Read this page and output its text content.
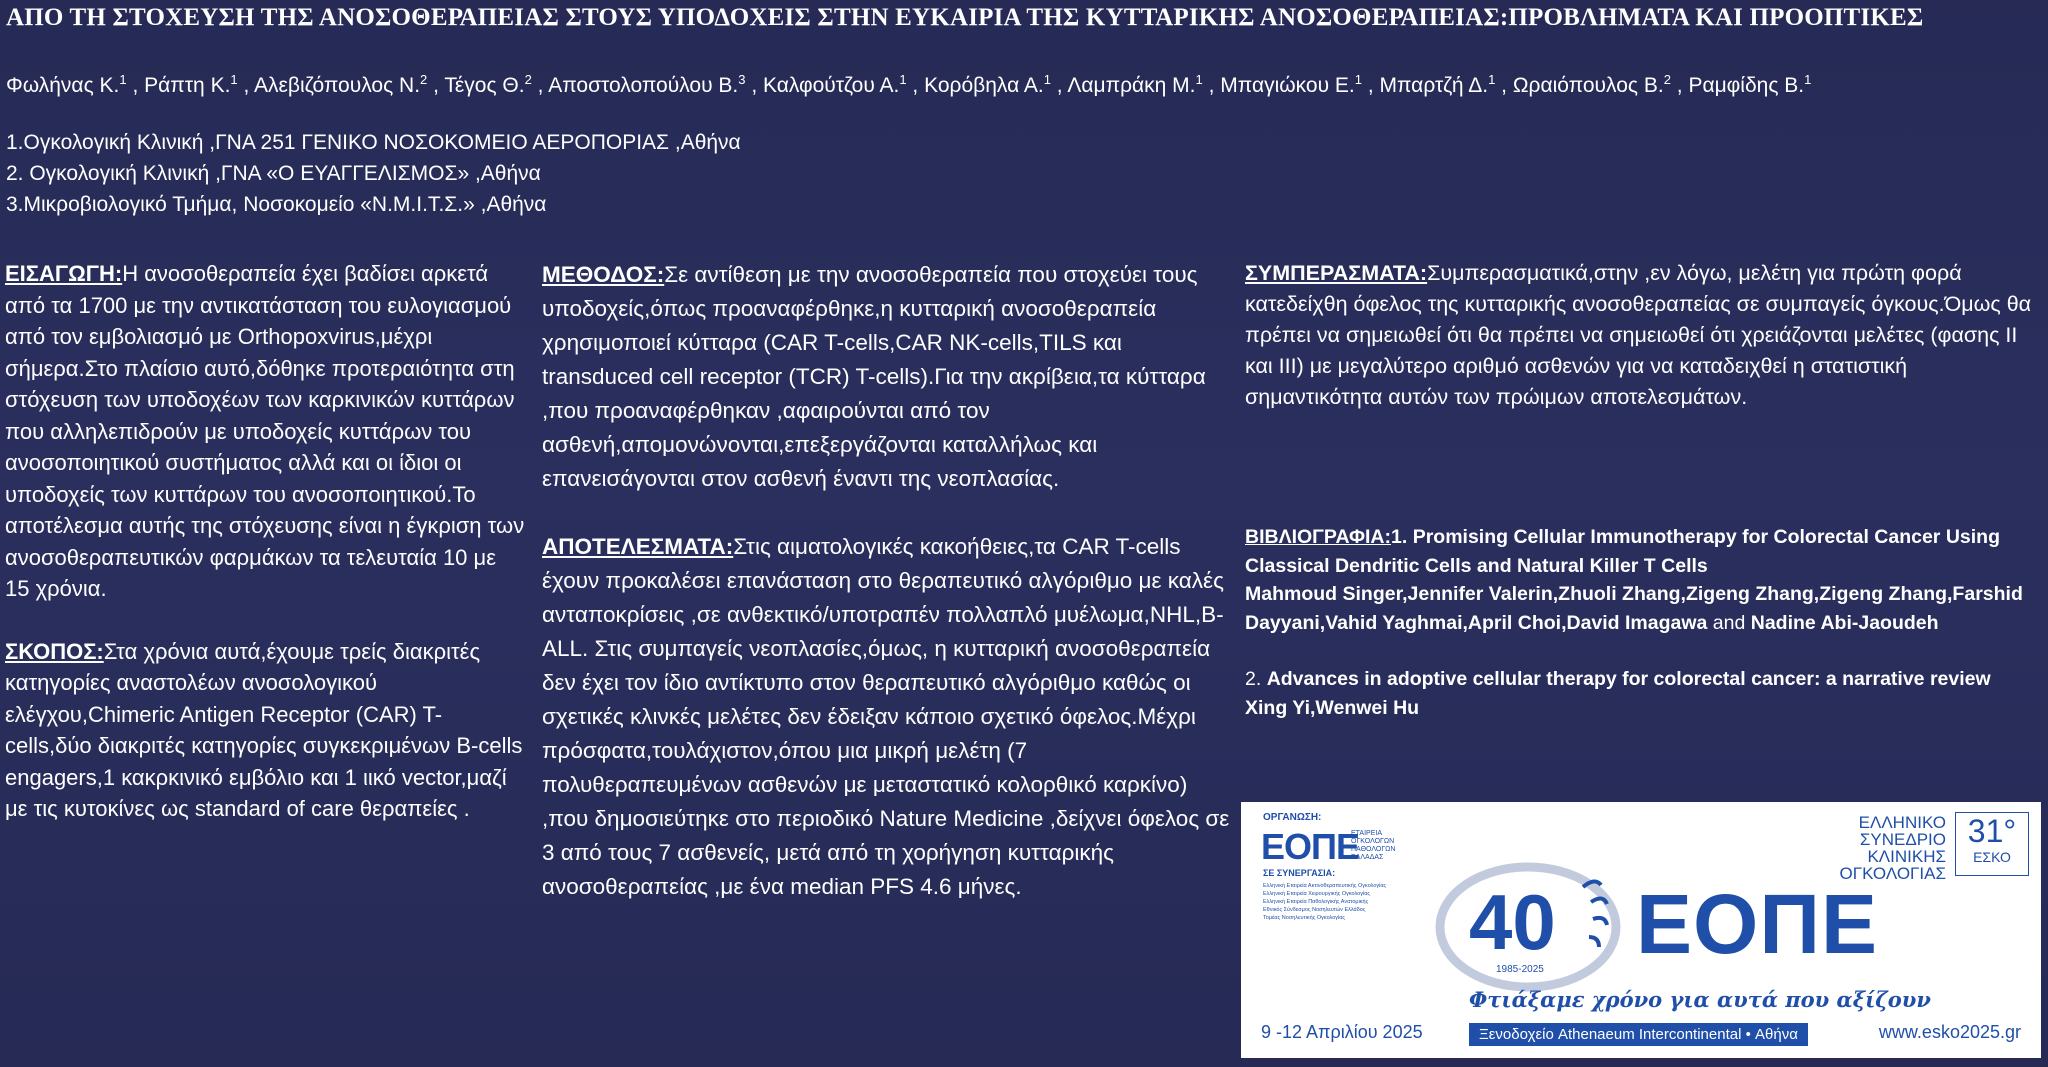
ΑΠΟ ΤΗ ΣΤΟΧΕΥΣΗ ΤΗΣ ΑΝΟΣΟΘΕΡΑΠΕΙΑΣ ΣΤΟΥΣ ΥΠΟΔΟΧΕΙΣ ΣΤΗΝ ΕΥΚΑΙΡΙΑ ΤΗΣ ΚΥΤΤΑΡΙΚΗΣ ΑΝΟΣΟΘΕΡΑΠΕΙΑΣ:ΠΡΟΒΛΗΜΑΤΑ ΚΑΙ ΠΡΟΟΠΤΙΚΕΣ
Φωλήνας Κ.$^1$ , Ράπτη Κ.$^1$ , Αλεβιζόπουλος Ν.$^2$ , Τέγος Θ.$^2$ , Αποστολοπούλου Β.$^3$ , Καλφούτζου Α.$^1$ , Κορόβηλα Α.$^1$ , Λαμπράκη Μ.$^1$ , Μπαγιώκου Ε.$^1$ , Μπαρτζή Δ.$^1$ , Ωραιόπουλος Β.$^2$ , Ραμφίδης Β.$^1$
1.Ογκολογική Κλινική ,ΓΝΑ 251 ΓΕΝΙΚΟ ΝΟΣΟΚΟΜΕΙΟ ΑΕΡΟΠΟΡΙΑΣ ,Αθήνα
2. Ογκολογική Κλινική ,ΓΝΑ «Ο ΕΥΑΓΓΕΛΙΣΜΟΣ» ,Αθήνα
3.Μικροβιολογικό Τμήμα, Νοσοκομείο «Ν.Μ.Ι.Τ.Σ.» ,Αθήνα

ΕΙΣΑΓΩΓΗ:Η ανοσοθεραπεία έχει βαδίσει αρκετά από τα 1700 με την αντικατάσταση του ευλογιασμού από τον εμβολιασμό με Orthopoxvirus,μέχρι σήμερα.Στο πλαίσιο αυτό,δόθηκε προτεραιότητα στη στόχευση των υποδοχέων των καρκινικών κυττάρων που αλληλεπιδρούν με υποδοχείς κυττάρων του ανοσοποιητικού συστήματος αλλά και οι ίδιοι οι υποδοχείς των κυττάρων του ανοσοποιητικού.Το αποτέλεσμα αυτής της στόχευσης είναι η έγκριση των ανοσοθεραπευτικών φαρμάκων τα τελευταία 10 με 15 χρόνια.

ΣΚΟΠΟΣ:Στα χρόνια αυτά,έχουμε τρείς διακριτές κατηγορίες αναστολέων ανοσολογικού ελέγχου,Chimeric Antigen Receptor (CAR) T-cells,δύο διακριτές κατηγορίες συγκεκριμένων B-cells engagers,1 κακρκινικό εμβόλιο και 1 ιικό vector,μαζί με τις κυτοκίνες ως standard of care θεραπείες .

ΜΕΘΟΔΟΣ:Σε αντίθεση με την ανοσοθεραπεία που στοχεύει τους υποδοχείς,όπως προαναφέρθηκε,η κυτταρική ανοσοθεραπεία χρησιμοποιεί κύτταρα (CAR T-cells,CAR NK-cells,TILS και transduced cell receptor (TCR) T-cells).Για την ακρίβεια,τα κύτταρα ,που προαναφέρθηκαν ,αφαιρούνται από τον ασθενή,απομονώνονται,επεξεργάζονται καταλλήλως και επανεισάγονται στον ασθενή έναντι της νεοπλασίας.

ΑΠΟΤΕΛΕΣΜΑΤΑ:Στις αιματολογικές κακοήθειες,τα CAR T-cells έχουν προκαλέσει επανάσταση στο θεραπευτικό αλγόριθμο με καλές ανταποκρίσεις ,σε ανθεκτικό/υποτραπέν πολλαπλό μυέλωμα,NHL,B-ALL. Στις συμπαγείς νεοπλασίες,όμως, η κυτταρική ανοσοθεραπεία δεν έχει τον ίδιο αντίκτυπο στον θεραπευτικό αλγόριθμο καθώς οι σχετικές κλινκές μελέτες δεν έδειξαν κάποιο σχετικό όφελος.Μέχρι πρόσφατα,τουλάχιστον,όπου μια μικρή μελέτη (7 πολυθεραπευμένων ασθενών με μεταστατικό κολορθικό καρκίνο) ,που δημοσιεύτηκε στο περιοδικό Nature Medicine ,δείχνει όφελος σε 3 από τους 7 ασθενείς, μετά από τη χορήγηση κυτταρικής ανοσοθεραπείας ,με ένα median PFS 4.6 μήνες.

ΣΥΜΠΕΡΑΣΜΑΤΑ:Συμπερασματικά,στην ,εν λόγω, μελέτη για πρώτη φορά κατεδείχθη όφελος της κυτταρικής ανοσοθεραπείας σε συμπαγείς όγκους.Όμως θα πρέπει να σημειωθεί ότι θα πρέπει να σημειωθεί ότι χρειάζονται μελέτες (φασης ΙΙ και ΙΙΙ) με μεγαλύτερο αριθμό ασθενών για να καταδειχθεί η στατιστική σημαντικότητα αυτών των πρώιμων αποτελεσμάτων.

ΒΙΒΛΙΟΓΡΑΦΙΑ:1. Promising Cellular Immunotherapy for Colorectal Cancer Using Classical Dendritic Cells and Natural Killer T Cells

Mahmoud Singer,Jennifer Valerin,Zhuoli Zhang,Zigeng Zhang,Zigeng Zhang,Farshid Dayyani,Vahid Yaghmai,April Choi,David Imagawa and Nadine Abi-Jaoudeh

2. Advances in adoptive cellular therapy for colorectal cancer: a narrative review

Xing Yi,Wenwei Hu

ΟΡΓΑΝΩΣΗ:
ΕΟΠΕ
ΕΤΑΙΡΕΙΑ ΟΓΚΟΛΟΓΩΝ ΠΑΘΟΛΟΓΩΝ ΕΛΛΑΔΑΣ
ΣΕ ΣΥΝΕΡΓΑΣΙΑ:
Ελληνική Εταιρεία Ακτινοθεραπευτικής Ογκολογίας
Ελληνική Εταιρεία Χειρουργικής Ογκολογίας
Ελληνική Εταιρεία Παθολογικής Ανατομικής
Εθνικός Σύνδεσμος Νοσηλευτών Ελλάδος
Τομέας Νοσηλευτικής Ογκολογίας
ΕΛΛΗΝΙΚΟ
ΣΥΝΕΔΡΙΟ
ΚΛΙΝΙΚΗΣ
ΟΓΚΟΛΟΓΙΑΣ
31°
ΕΣΚΟ
40
1985-2025 ΕΟΠΕ
Φτιάξαμε χρόνο για αυτά που αξίζουν
9 -12 Απριλίου 2025	Ξενοδοχείο Athenaeum Intercontinental • Αθήνα	www.esko2025.gr
